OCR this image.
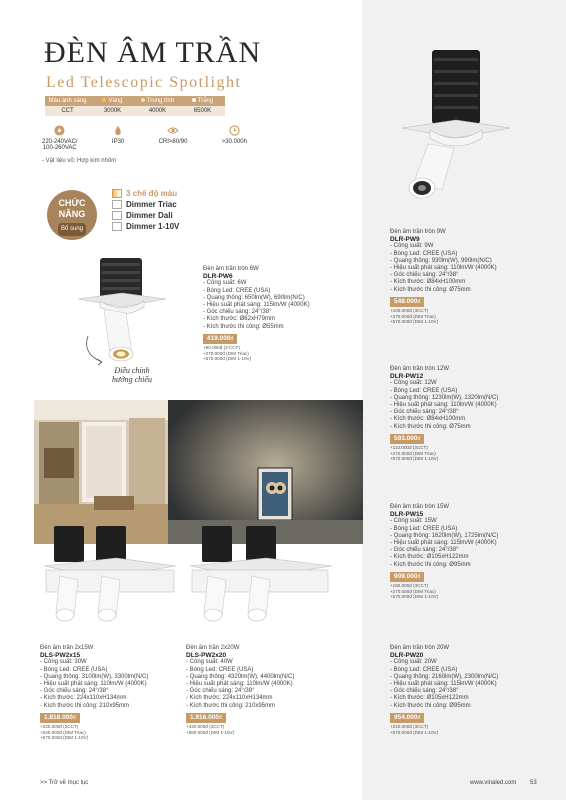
ĐÈN ÂM TRẦN
Led Telescopic Spotlight
Màu ánh sáng	Vàng	Trung tính	Trắng
CCT	3000K	4000K	6500K
220-240VAC/
100-260VAC
IP30	CRI>80/90	>30.000h
- Vật liệu vỏ: Hợp kim nhôm
CHỨC
NĂNG
Bổ sung
3 chế độ màu
Dimmer Triac
Dimmer Dali
Dimmer 1-10V
Điều chỉnh
hướng chiếu
Đèn âm trần tròn 6W
DLR-PW6
- Công suất: 6W
- Bóng Led: CREE (USA)
- Quang thông: 650lm(W), 690lm(N/C)
- Hiệu suất phát sáng: 115lm/W (4000K)
- Góc chiếu sáng: 24°/38°
- Kích thước: Ø62xH79mm
- Kích thước thi công: Ø55mm
419.000đ
+90.000đ (3 CCT)
+270.000đ (DIM Triac)
+570.000đ (DIM 1-10V)
Đèn âm trần tròn 9W
DLR-PW9
- Công suất: 9W
- Bóng Led: CREE (USA)
- Quang thông: 930lm(W), 990lm(N/C)
- Hiệu suất phát sáng: 110lm/W (4000K)
- Góc chiếu sáng: 24°/38°
- Kích thước: Ø84xH100mm
- Kích thước thi công: Ø75mm
548.000đ
+100.000đ (3CCT)
+270.000đ (DIM Triac)
+570.000đ (DIM 1-10V)
Đèn âm trần tròn 12W
DLR-PW12
- Công suất: 12W
- Bóng Led: CREE (USA)
- Quang thông: 1230lm(W), 1320lm(N/C)
- Hiệu suất phát sáng: 110lm/W (4000K)
- Góc chiếu sáng: 24°/38°
- Kích thước: Ø84xH100mm
- Kích thước thi công: Ø75mm
593.000đ
+110.000đ (3CCT)
+270.000đ (DIM Triac)
+570.000đ (DIM 1-10V)
Đèn âm trần tròn 15W
DLR-PW15
- Công suất: 15W
- Bóng Led: CREE (USA)
- Quang thông: 1620lm(W), 1725lm(N/C)
- Hiệu suất phát sáng: 115lm/W (4000K)
- Góc chiếu sáng: 24°/38°
- Kích thước: Ø105xH122mm
- Kích thước thi công: Ø95mm
909.000đ
+160.000đ (3CCT)
+270.000đ (DIM Triac)
+570.000đ (DIM 1-10V)
Đèn âm trần tròn 20W
DLR-PW20
- Công suất: 20W
- Bóng Led: CREE (USA)
- Quang thông: 2160lm(W), 2300lm(N/C)
- Hiệu suất phát sáng: 115lm/W (4000K)
- Góc chiếu sáng: 24°/38°
- Kích thước: Ø105xH122mm
- Kích thước thi công: Ø95mm
954.000đ
+210.000đ (3CCT)
+570.000đ (DIM 1-10V)
Đèn âm trần 2x15W
DLS-PW2x15
- Công suất: 30W
- Bóng Led: CREE (USA)
- Quang thông: 3100lm(W), 3300lm(N/C)
- Hiệu suất phát sáng: 110lm/W (4000K)
- Góc chiếu sáng: 24°/38°
- Kích thước: 224x110xH134mm
- Kích thước thi công: 210x95mm
1.818.000đ
+320.000đ (3CCT)
+540.000đ (DIM Triac)
+570.000đ (DIM 1-10V)
Đèn âm trần 2x20W
DLS-PW2x20
- Công suất: 40W
- Bóng Led: CREE (USA)
- Quang thông: 4320lm(W), 4400lm(N/C)
- Hiệu suất phát sáng: 110lm/W (4000K)
- Góc chiếu sáng: 24°/38°
- Kích thước: 224x110xH134mm
- Kích thước thi công: 210x95mm
1.916.000đ
+420.000đ (3CCT)
+880.000đ (DIM 1-10V)
>> Trở về mục lục	www.vinaled.com 53
